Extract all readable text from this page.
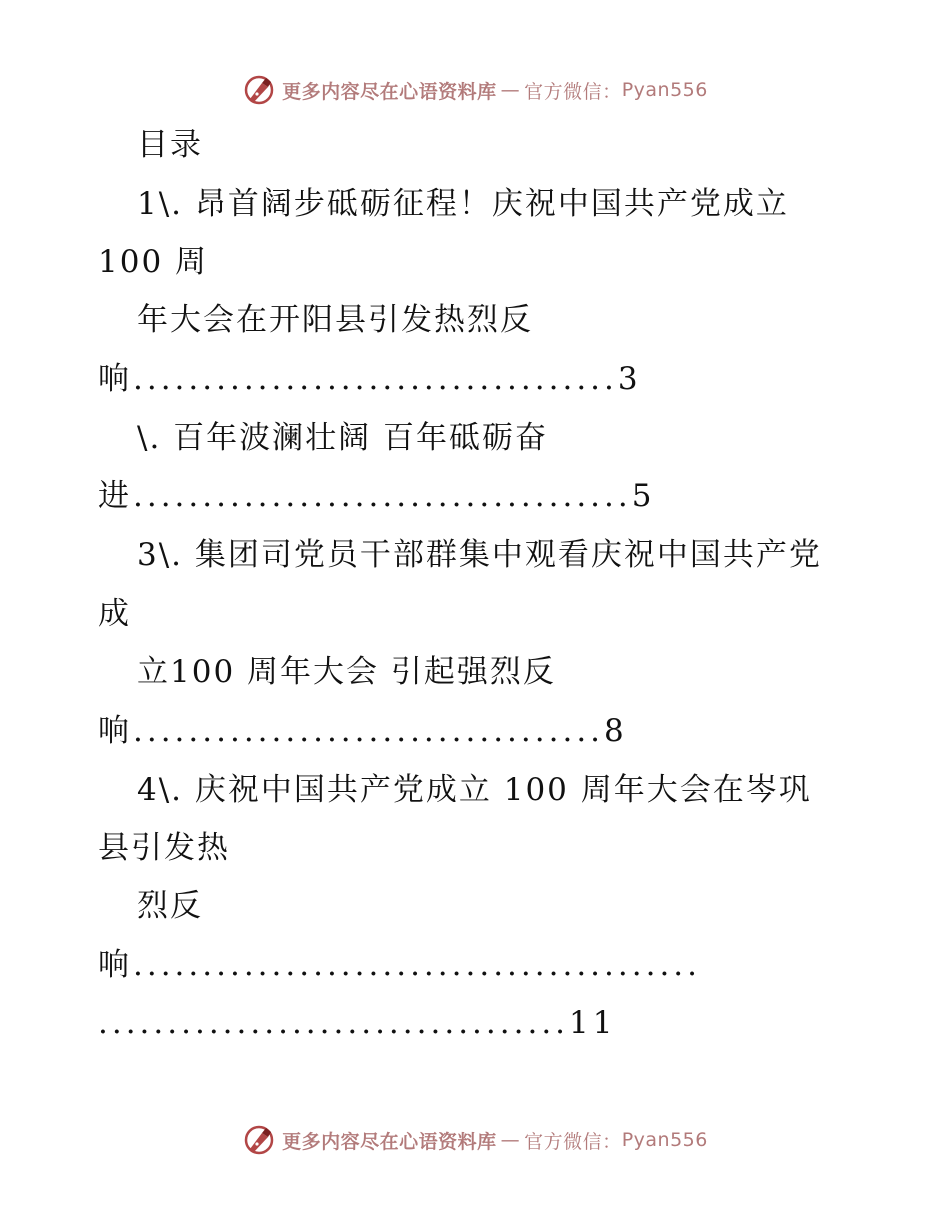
更多内容尽在心语资料库 — 官方微信： Pyan556
目录
1\. 昂首阔步砥砺征程！庆祝中国共产党成立
100 周
年大会在开阳县引发热烈反
响...................................3
\. 百年波澜壮阔 百年砥砺奋
进....................................5
3\. 集团司党员干部群集中观看庆祝中国共产党
成
立100 周年大会 引起强烈反
响..................................8
4\. 庆祝中国共产党成立 100 周年大会在岑巩
县引发热
烈反
响.........................................
..................................11
更多内容尽在心语资料库 — 官方微信： Pyan556
